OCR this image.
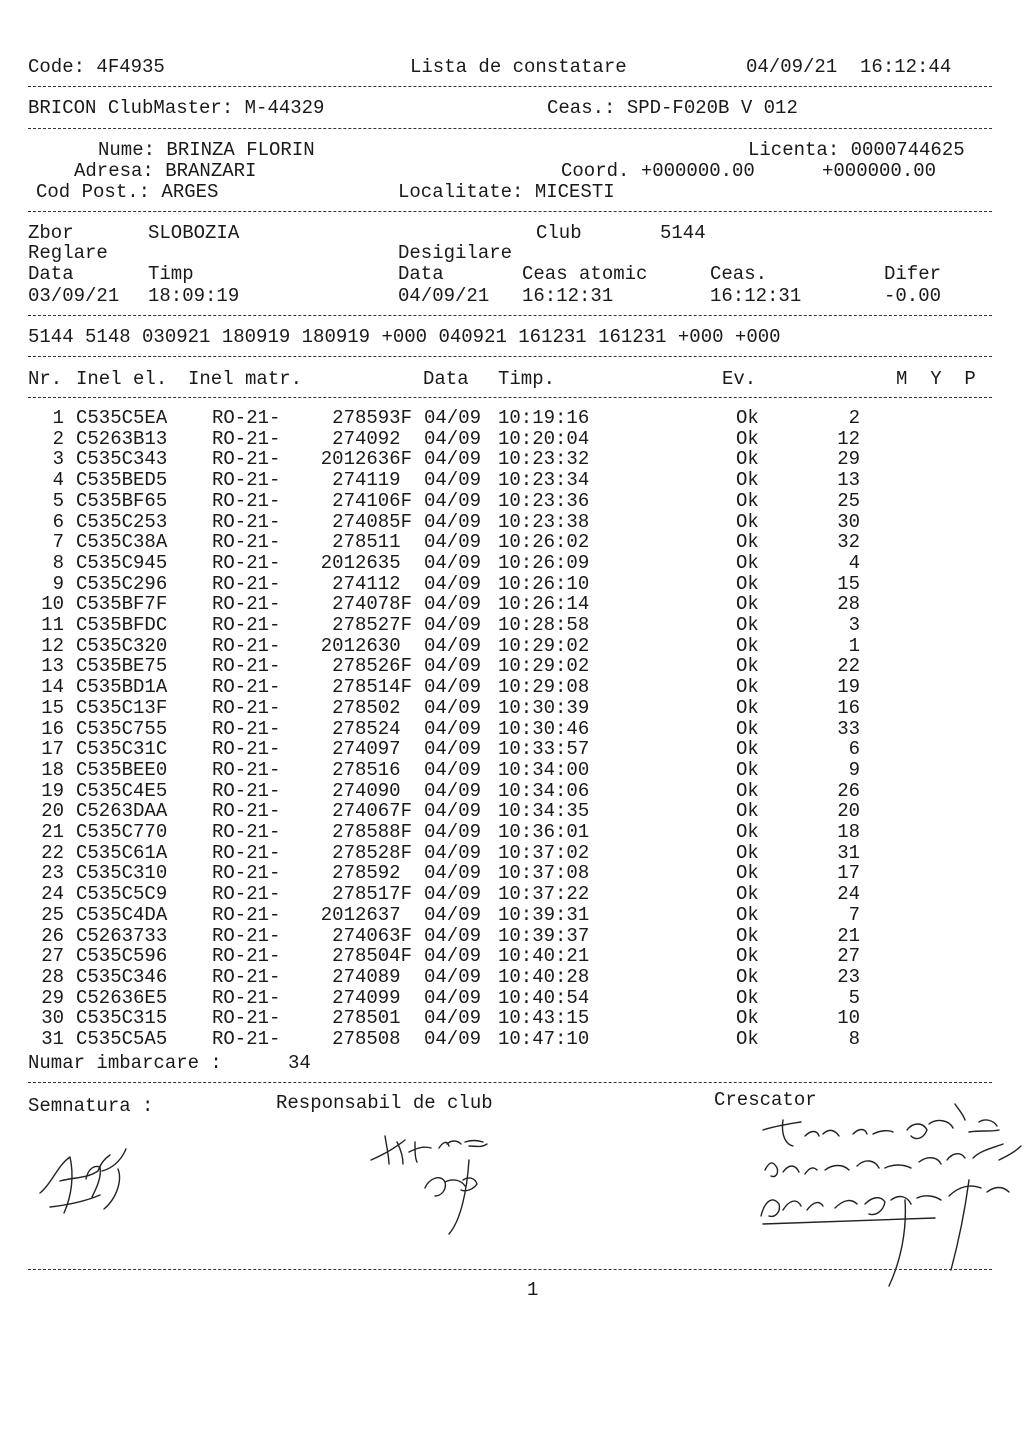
Code: 4F4935	Lista de constatare	04/09/21  16:12:44
BRICON ClubMaster: M-44329	Ceas.: SPD-F020B V 012
Nume: BRINZA FLORIN	Licenta: 0000744625
Adresa: BRANZARI	Coord. +000000.00	+000000.00
Cod Post.: ARGES	Localitate: MICESTI
Zbor	SLOBOZIA	Club	5144
Reglare	Desigilare
Data	Timp	Data	Ceas atomic	Ceas.	Difer
03/09/21 18:09:19	04/09/21 16:12:31	16:12:31	-0.00
5144 5148 030921 180919 180919 +000 040921 161231 161231 +000 +000
Nr. Inel el. Inel matr.	Data Timp.	Ev.	M  Y  P
1 C535C5EA	RO-21-	278593F 04/09 10:19:16	Ok	2
2 C5263B13	RO-21-	274092 04/09 10:20:04	Ok	12
3 C535C343	RO-21-	2012636F 04/09 10:23:32	Ok	29
4 C535BED5	RO-21-	274119 04/09 10:23:34	Ok	13
5 C535BF65	RO-21-	274106F 04/09 10:23:36	Ok	25
6 C535C253	RO-21-	274085F 04/09 10:23:38	Ok	30
7 C535C38A	RO-21-	278511 04/09 10:26:02	Ok	32
8 C535C945	RO-21-	2012635 04/09 10:26:09	Ok	4
9 C535C296	RO-21-	274112 04/09 10:26:10	Ok	15
10 C535BF7F	RO-21-	274078F 04/09 10:26:14	Ok	28
11 C535BFDC	RO-21-	278527F 04/09 10:28:58	Ok	3
12 C535C320	RO-21-	2012630 04/09 10:29:02	Ok	1
13 C535BE75	RO-21-	278526F 04/09 10:29:02	Ok	22
14 C535BD1A	RO-21-	278514F 04/09 10:29:08	Ok	19
15 C535C13F	RO-21-	278502 04/09 10:30:39	Ok	16
16 C535C755	RO-21-	278524 04/09 10:30:46	Ok	33
17 C535C31C	RO-21-	274097 04/09 10:33:57	Ok	6
18 C535BEE0	RO-21-	278516 04/09 10:34:00	Ok	9
19 C535C4E5	RO-21-	274090 04/09 10:34:06	Ok	26
20 C5263DAA	RO-21-	274067F 04/09 10:34:35	Ok	20
21 C535C770	RO-21-	278588F 04/09 10:36:01	Ok	18
22 C535C61A	RO-21-	278528F 04/09 10:37:02	Ok	31
23 C535C310	RO-21-	278592 04/09 10:37:08	Ok	17
24 C535C5C9	RO-21-	278517F 04/09 10:37:22	Ok	24
25 C535C4DA	RO-21-	2012637 04/09 10:39:31	Ok	7
26 C5263733	RO-21-	274063F 04/09 10:39:37	Ok	21
27 C535C596	RO-21-	278504F 04/09 10:40:21	Ok	27
28 C535C346	RO-21-	274089 04/09 10:40:28	Ok	23
29 C52636E5	RO-21-	274099 04/09 10:40:54	Ok	5
30 C535C315	RO-21-	278501 04/09 10:43:15	Ok	10
31 C535C5A5	RO-21-	278508 04/09 10:47:10	Ok	8
Numar imbarcare :	34
Semnatura :	Responsabil de club	Crescator
1
